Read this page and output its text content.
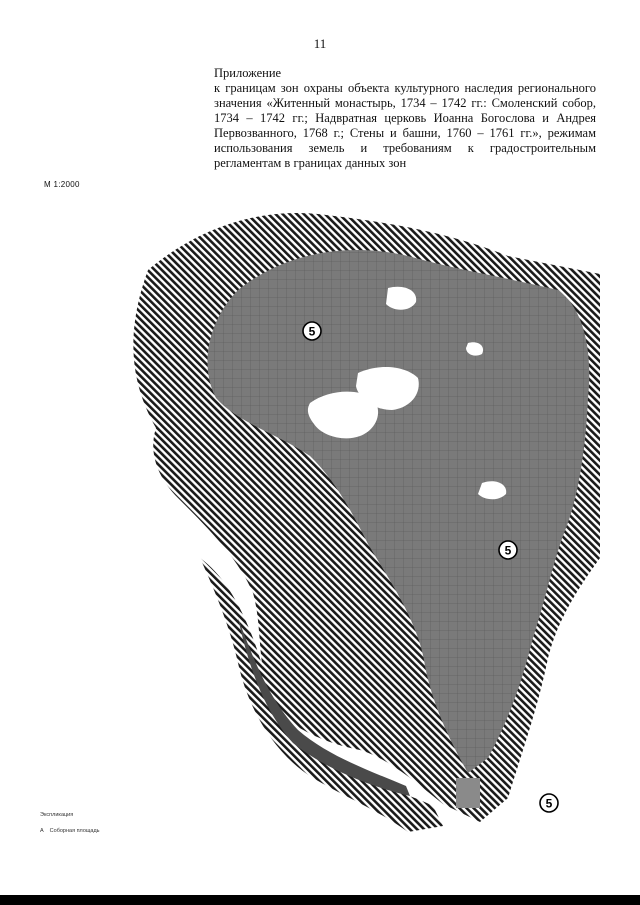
11
Приложение
к границам зон охраны объекта культурного наследия регионального значения «Житенный монастырь, 1734 – 1742 гг.: Смоленский собор, 1734 – 1742 гг.; Надвратная церковь Иоанна Богослова и Андрея Первозванного, 1768 г.; Стены и башни, 1760 – 1761 гг.», режимам использования земель и требованиям к градостроительным регламентам в границах данных зон
М 1:2000
5
5
5
Экспликация
А Соборная площадь
